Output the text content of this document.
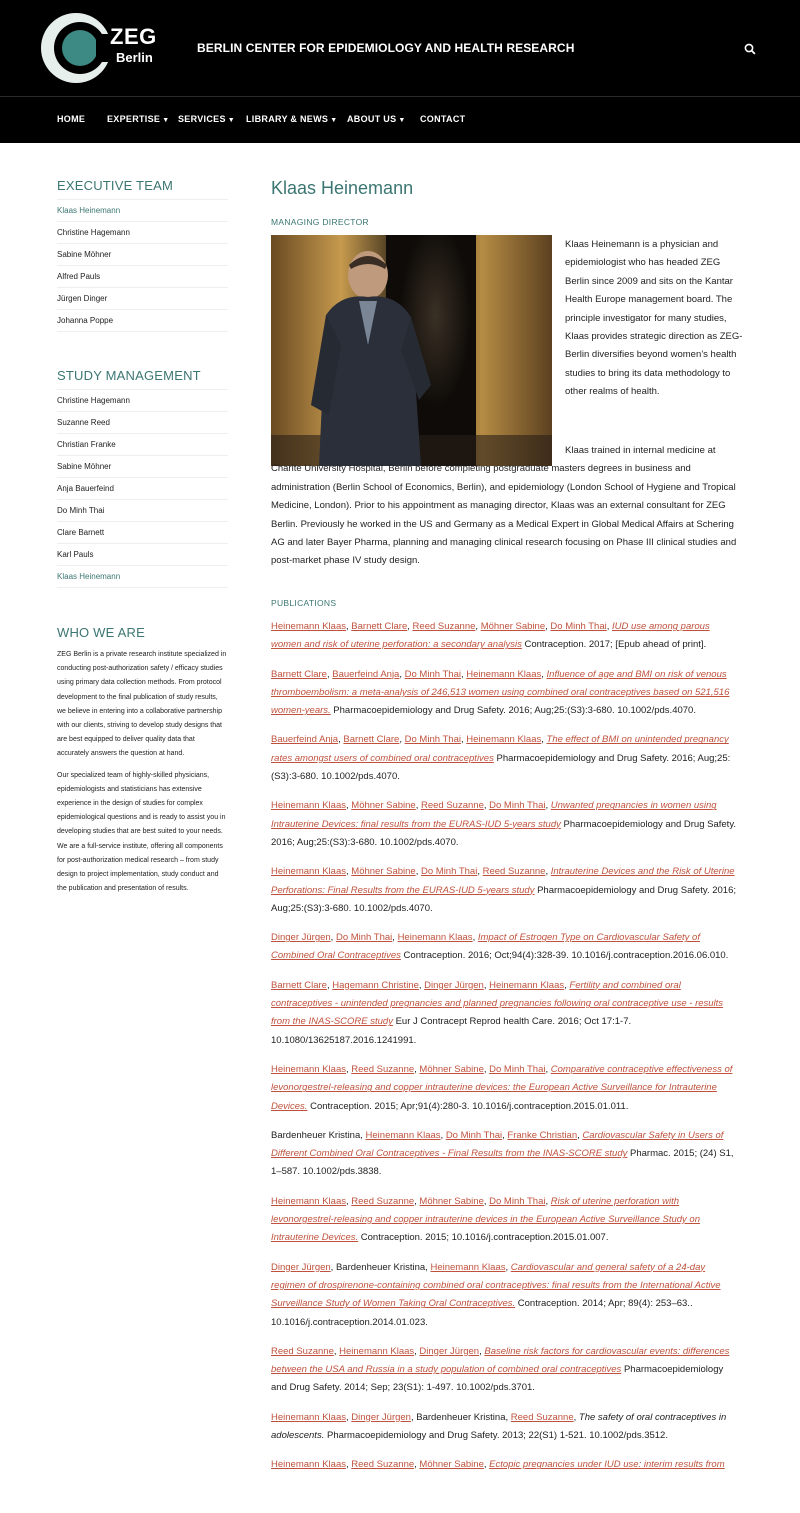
ZEG
Berlin
BERLIN CENTER FOR EPIDEMIOLOGY AND HEALTH RESEARCH
HOME EXPERTISE ▼ SERVICES ▼ LIBRARY & NEWS ▼ ABOUT US ▼ CONTACT
EXECUTIVE TEAM
Klaas Heinemann
Christine Hagemann
Sabine Möhner
Alfred Pauls
Jürgen Dinger
Johanna Poppe
STUDY MANAGEMENT
Christine Hagemann
Suzanne Reed
Christian Franke
Sabine Möhner
Anja Bauerfeind
Do Minh Thai
Clare Barnett
Karl Pauls
Klaas Heinemann
WHO WE ARE

ZEG Berlin is a private research institute specialized in conducting post-authorization safety / efficacy studies using primary data collection methods. From protocol development to the final publication of study results, we believe in entering into a collaborative partnership with our clients, striving to develop study designs that are best equipped to deliver quality data that accurately answers the question at hand.

Our specialized team of highly-skilled physicians, epidemiologists and statisticians has extensive experience in the design of studies for complex epidemiological questions and is ready to assist you in developing studies that are best suited to your needs. We are a full-service institute, offering all components for post-authorization medical research – from study design to project implementation, study conduct and the publication and presentation of results.

Klaas Heinemann
MANAGING DIRECTOR
Klaas Heinemann is a physician and epidemiologist who has headed ZEG Berlin since 2009 and sits on the Kantar Health Europe management board. The principle investigator for many studies, Klaas provides strategic direction as ZEG-Berlin diversifies beyond women’s health studies to bring its data methodology to other realms of health.
Klaas trained in internal medicine at Charite University Hospital, Berlin before completing postgraduate masters degrees in business and administration (Berlin School of Economics, Berlin), and epidemiology (London School of Hygiene and Tropical Medicine, London). Prior to his appointment as managing director, Klaas was an external consultant for ZEG Berlin. Previously he worked in the US and Germany as a Medical Expert in Global Medical Affairs at Schering AG and later Bayer Pharma, planning and managing clinical research focusing on Phase III clinical studies and post-market phase IV study design.
PUBLICATIONS
Heinemann Klaas, Barnett Clare, Reed Suzanne, Möhner Sabine, Do Minh Thai, IUD use among parous women and risk of uterine perforation: a secondary analysis Contraception. 2017; [Epub ahead of print].
Barnett Clare, Bauerfeind Anja, Do Minh Thai, Heinemann Klaas, Influence of age and BMI on risk of venous thromboembolism: a meta-analysis of 246,513 women using combined oral contraceptives based on 521,516 women-years. Pharmacoepidemiology and Drug Safety. 2016; Aug;25:(S3):3-680. 10.1002/pds.4070.
Bauerfeind Anja, Barnett Clare, Do Minh Thai, Heinemann Klaas, The effect of BMI on unintended pregnancy rates amongst users of combined oral contraceptives Pharmacoepidemiology and Drug Safety. 2016; Aug;25:(S3):3-680. 10.1002/pds.4070.
Heinemann Klaas, Möhner Sabine, Reed Suzanne, Do Minh Thai, Unwanted pregnancies in women using Intrauterine Devices: final results from the EURAS-IUD 5-years study Pharmacoepidemiology and Drug Safety. 2016; Aug;25:(S3):3-680. 10.1002/pds.4070.
Heinemann Klaas, Möhner Sabine, Do Minh Thai, Reed Suzanne, Intrauterine Devices and the Risk of Uterine Perforations: Final Results from the EURAS-IUD 5-years study Pharmacoepidemiology and Drug Safety. 2016; Aug;25:(S3):3-680. 10.1002/pds.4070.
Dinger Jürgen, Do Minh Thai, Heinemann Klaas, Impact of Estrogen Type on Cardiovascular Safety of Combined Oral Contraceptives Contraception. 2016; Oct;94(4):328-39. 10.1016/j.contraception.2016.06.010.
Barnett Clare, Hagemann Christine, Dinger Jürgen, Heinemann Klaas, Fertility and combined oral contraceptives - unintended pregnancies and planned pregnancies following oral contraceptive use - results from the INAS-SCORE study Eur J Contracept Reprod health Care. 2016; Oct 17:1-7. 10.1080/13625187.2016.1241991.
Heinemann Klaas, Reed Suzanne, Möhner Sabine, Do Minh Thai, Comparative contraceptive effectiveness of levonorgestrel-releasing and copper intrauterine devices: the European Active Surveillance for Intrauterine Devices. Contraception. 2015; Apr;91(4):280-3. 10.1016/j.contraception.2015.01.011.
Bardenheuer Kristina, Heinemann Klaas, Do Minh Thai, Franke Christian, Cardiovascular Safety in Users of Different Combined Oral Contraceptives - Final Results from the INAS-SCORE study Pharmac. 2015; (24) S1, 1–587. 10.1002/pds.3838.
Heinemann Klaas, Reed Suzanne, Möhner Sabine, Do Minh Thai, Risk of uterine perforation with levonorgestrel-releasing and copper intrauterine devices in the European Active Surveillance Study on Intrauterine Devices. Contraception. 2015; 10.1016/j.contraception.2015.01.007.
Dinger Jürgen, Bardenheuer Kristina, Heinemann Klaas, Cardiovascular and general safety of a 24-day regimen of drospirenone-containing combined oral contraceptives: final results from the International Active Surveillance Study of Women Taking Oral Contraceptives. Contraception. 2014; Apr; 89(4): 253–63.. 10.1016/j.contraception.2014.01.023.
Reed Suzanne, Heinemann Klaas, Dinger Jürgen, Baseline risk factors for cardiovascular events: differences between the USA and Russia in a study population of combined oral contraceptives Pharmacoepidemiology and Drug Safety. 2014; Sep; 23(S1): 1-497. 10.1002/pds.3701.
Heinemann Klaas, Dinger Jürgen, Bardenheuer Kristina, Reed Suzanne, The safety of oral contraceptives in adolescents. Pharmacoepidemiology and Drug Safety. 2013; 22(S1) 1-521. 10.1002/pds.3512.
Heinemann Klaas, Reed Suzanne, Möhner Sabine, Ectopic pregnancies under IUD use: interim results from
